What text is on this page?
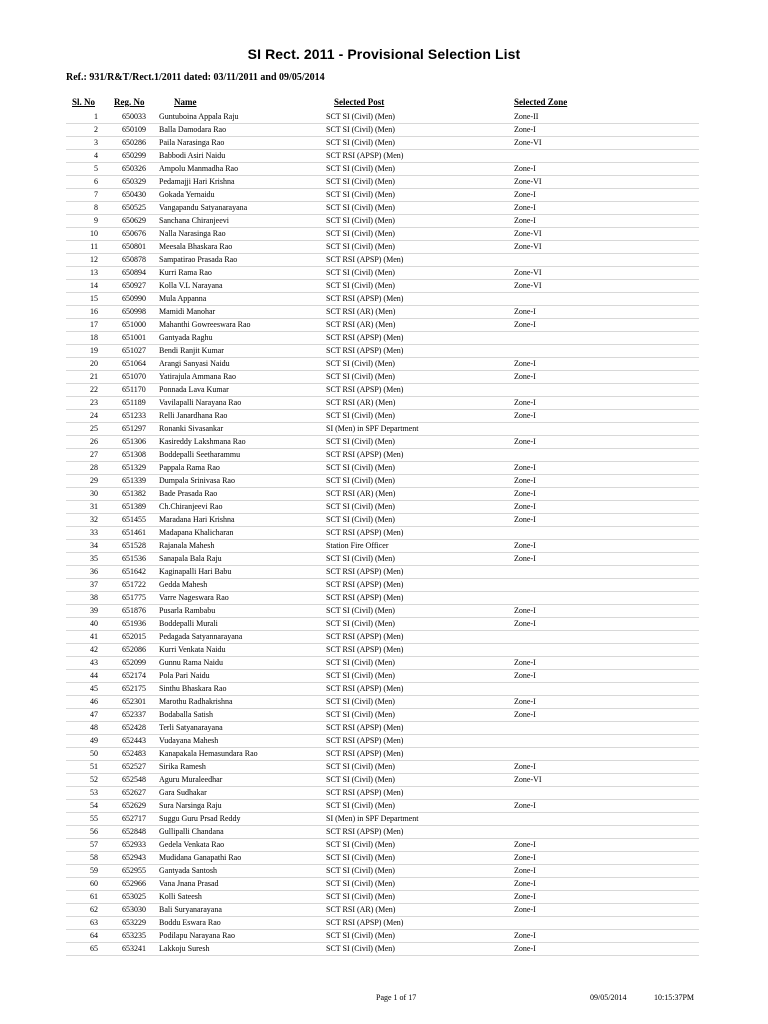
SI Rect. 2011 - Provisional Selection List
Ref.: 931/R&T/Rect.1/2011 dated: 03/11/2011 and 09/05/2014
Sl. No Reg. No	Name	Selected Post	Selected Zone
1	650033 Guntuboina Appala Raju	SCT SI (Civil) (Men)	Zone-II
2	650109 Balla Damodara Rao	SCT SI (Civil) (Men)	Zone-I
3	650286 Paila Narasinga Rao	SCT SI (Civil) (Men)	Zone-VI
4	650299 Babbodi Asiri Naidu	SCT RSI (APSP) (Men)
5	650326 Ampolu Manmadha Rao	SCT SI (Civil) (Men)	Zone-I
6	650329 Pedamajji Hari Krishna	SCT SI (Civil) (Men)	Zone-VI
7	650430 Gokada Yernaidu	SCT SI (Civil) (Men)	Zone-I
8	650525 Vangapandu Satyanarayana	SCT SI (Civil) (Men)	Zone-I
9	650629 Sanchana Chiranjeevi	SCT SI (Civil) (Men)	Zone-I
10	650676 Nalla Narasinga Rao	SCT SI (Civil) (Men)	Zone-VI
11	650801 Meesala Bhaskara Rao	SCT SI (Civil) (Men)	Zone-VI
12	650878 Sampatirao Prasada Rao	SCT RSI (APSP) (Men)
13	650894 Kurri Rama Rao	SCT SI (Civil) (Men)	Zone-VI
14	650927 Kolla V.L Narayana	SCT SI (Civil) (Men)	Zone-VI
15	650990 Mula Appanna	SCT RSI (APSP) (Men)
16	650998 Mamidi Manohar	SCT RSI (AR) (Men)	Zone-I
17	651000 Mahanthi Gowreeswara Rao	SCT RSI (AR) (Men)	Zone-I
18	651001 Gantyada Raghu	SCT RSI (APSP) (Men)
19	651027 Bendi Ranjit Kumar	SCT RSI (APSP) (Men)
20	651064 Arangi Sanyasi Naidu	SCT SI (Civil) (Men)	Zone-I
21	651070 Yatirajula Ammana Rao	SCT SI (Civil) (Men)	Zone-I
22	651170 Ponnada Lava Kumar	SCT RSI (APSP) (Men)
23	651189 Vavilapalli Narayana Rao	SCT RSI (AR) (Men)	Zone-I
24	651233 Relli Janardhana Rao	SCT SI (Civil) (Men)	Zone-I
25	651297 Ronanki Sivasankar	SI (Men) in SPF Department
26	651306 Kasireddy Lakshmana Rao	SCT SI (Civil) (Men)	Zone-I
27	651308 Boddepalli Seetharammu	SCT RSI (APSP) (Men)
28	651329 Pappala Rama Rao	SCT SI (Civil) (Men)	Zone-I
29	651339 Dumpala Srinivasa Rao	SCT SI (Civil) (Men)	Zone-I
30	651382 Bade Prasada Rao	SCT RSI (AR) (Men)	Zone-I
31	651389 Ch.Chiranjeevi Rao	SCT SI (Civil) (Men)	Zone-I
32	651455 Maradana Hari Krishna	SCT SI (Civil) (Men)	Zone-I
33	651461 Madapana Khalicharan	SCT RSI (APSP) (Men)
34	651528 Rajanala Mahesh	Station Fire Officer	Zone-I
35	651536 Sanapala Bala Raju	SCT SI (Civil) (Men)	Zone-I
36	651642 Kaginapalli Hari Babu	SCT RSI (APSP) (Men)
37	651722 Gedda Mahesh	SCT RSI (APSP) (Men)
38	651775 Varre Nageswara Rao	SCT RSI (APSP) (Men)
39	651876 Pusarla Rambabu	SCT SI (Civil) (Men)	Zone-I
40	651936 Boddepalli Murali	SCT SI (Civil) (Men)	Zone-I
41	652015 Pedagada Satyannarayana	SCT RSI (APSP) (Men)
42	652086 Kurri Venkata Naidu	SCT RSI (APSP) (Men)
43	652099 Gunnu Rama Naidu	SCT SI (Civil) (Men)	Zone-I
44	652174 Pola Pari Naidu	SCT SI (Civil) (Men)	Zone-I
45	652175 Sinthu Bhaskara Rao	SCT RSI (APSP) (Men)
46	652301 Marothu Radhakrishna	SCT SI (Civil) (Men)	Zone-I
47	652337 Bodaballa Satish	SCT SI (Civil) (Men)	Zone-I
48	652428 Terli Satyanarayana	SCT RSI (APSP) (Men)
49	652443 Vudayana Mahesh	SCT RSI (APSP) (Men)
50	652483 Kanapakala Hemasundara Rao	SCT RSI (APSP) (Men)
51	652527 Sirika Ramesh	SCT SI (Civil) (Men)	Zone-I
52	652548 Aguru Muraleedhar	SCT SI (Civil) (Men)	Zone-VI
53	652627 Gara Sudhakar	SCT RSI (APSP) (Men)
54	652629 Sura Narsinga Raju	SCT SI (Civil) (Men)	Zone-I
55	652717 Suggu Guru Prsad Reddy	SI (Men) in SPF Department
56	652848 Gullipalli Chandana	SCT RSI (APSP) (Men)
57	652933 Gedela Venkata Rao	SCT SI (Civil) (Men)	Zone-I
58	652943 Mudidana Ganapathi Rao	SCT SI (Civil) (Men)	Zone-I
59	652955 Gantyada Santosh	SCT SI (Civil) (Men)	Zone-I
60	652966 Vana Jnana Prasad	SCT SI (Civil) (Men)	Zone-I
61	653025 Kolli Sateesh	SCT SI (Civil) (Men)	Zone-I
62	653030 Bali Suryanarayana	SCT RSI (AR) (Men)	Zone-I
63	653229 Boddu Eswara Rao	SCT RSI (APSP) (Men)
64	653235 Podilapu Narayana Rao	SCT SI (Civil) (Men)	Zone-I
65	653241 Lakkoju Suresh	SCT SI (Civil) (Men)	Zone-I
Page 1 of 17	09/05/2014	10:15:37PM
